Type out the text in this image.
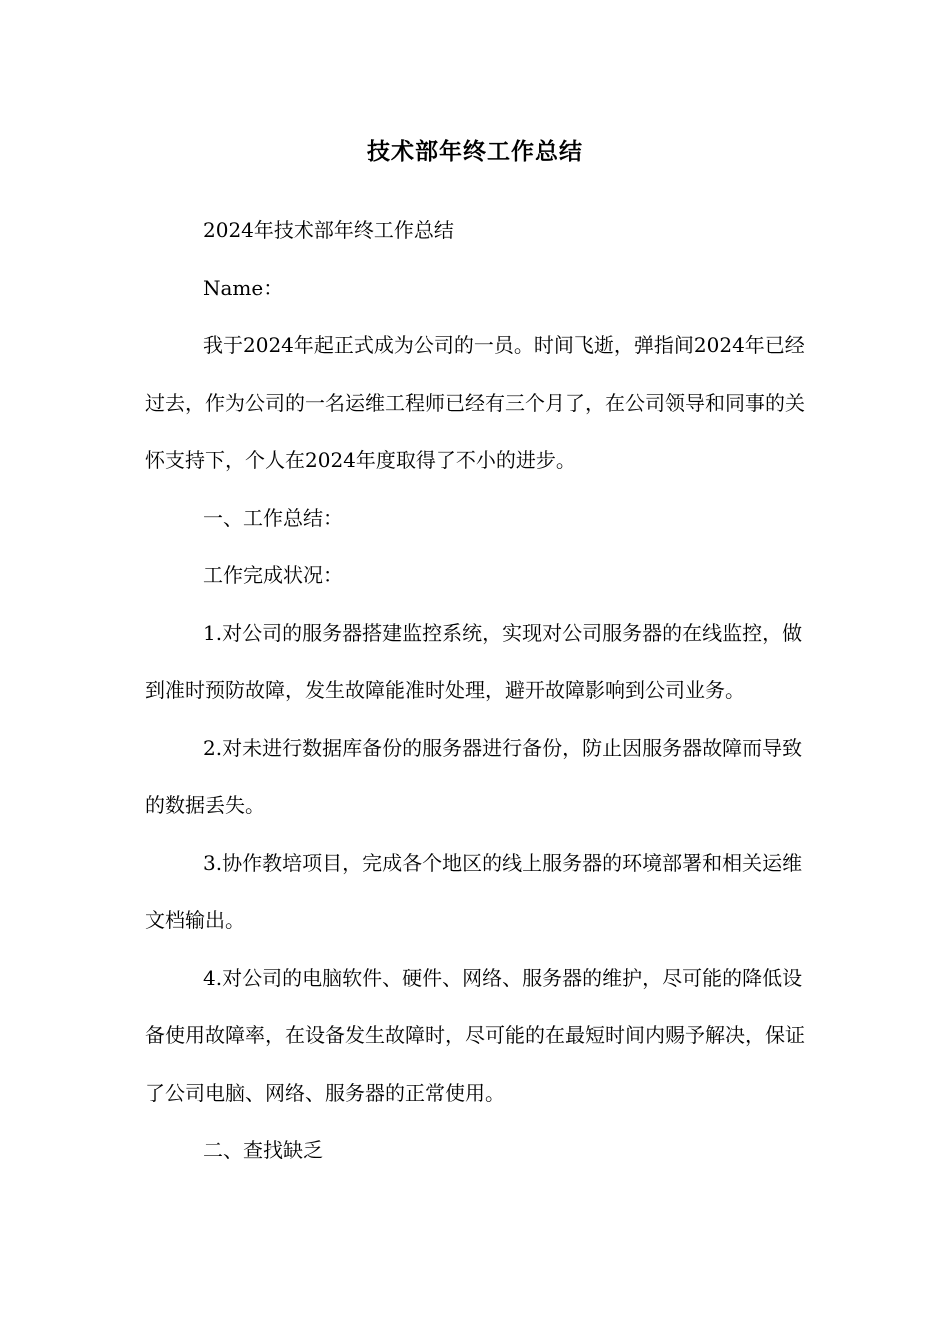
技术部年终工作总结

2024年技术部年终工作总结

Name：

我于2024年起正式成为公司的一员。时间飞逝，弹指间2024年已经过去，作为公司的一名运维工程师已经有三个月了，在公司领导和同事的关怀支持下，个人在2024年度取得了不小的进步。

一、工作总结：

工作完成状况：

1.对公司的服务器搭建监控系统，实现对公司服务器的在线监控，做到准时预防故障，发生故障能准时处理，避开故障影响到公司业务。

2.对未进行数据库备份的服务器进行备份，防止因服务器故障而导致的数据丢失。

3.协作教培项目，完成各个地区的线上服务器的环境部署和相关运维文档输出。

4.对公司的电脑软件、硬件、网络、服务器的维护，尽可能的降低设备使用故障率，在设备发生故障时，尽可能的在最短时间内赐予解决，保证了公司电脑、网络、服务器的正常使用。

二、查找缺乏
